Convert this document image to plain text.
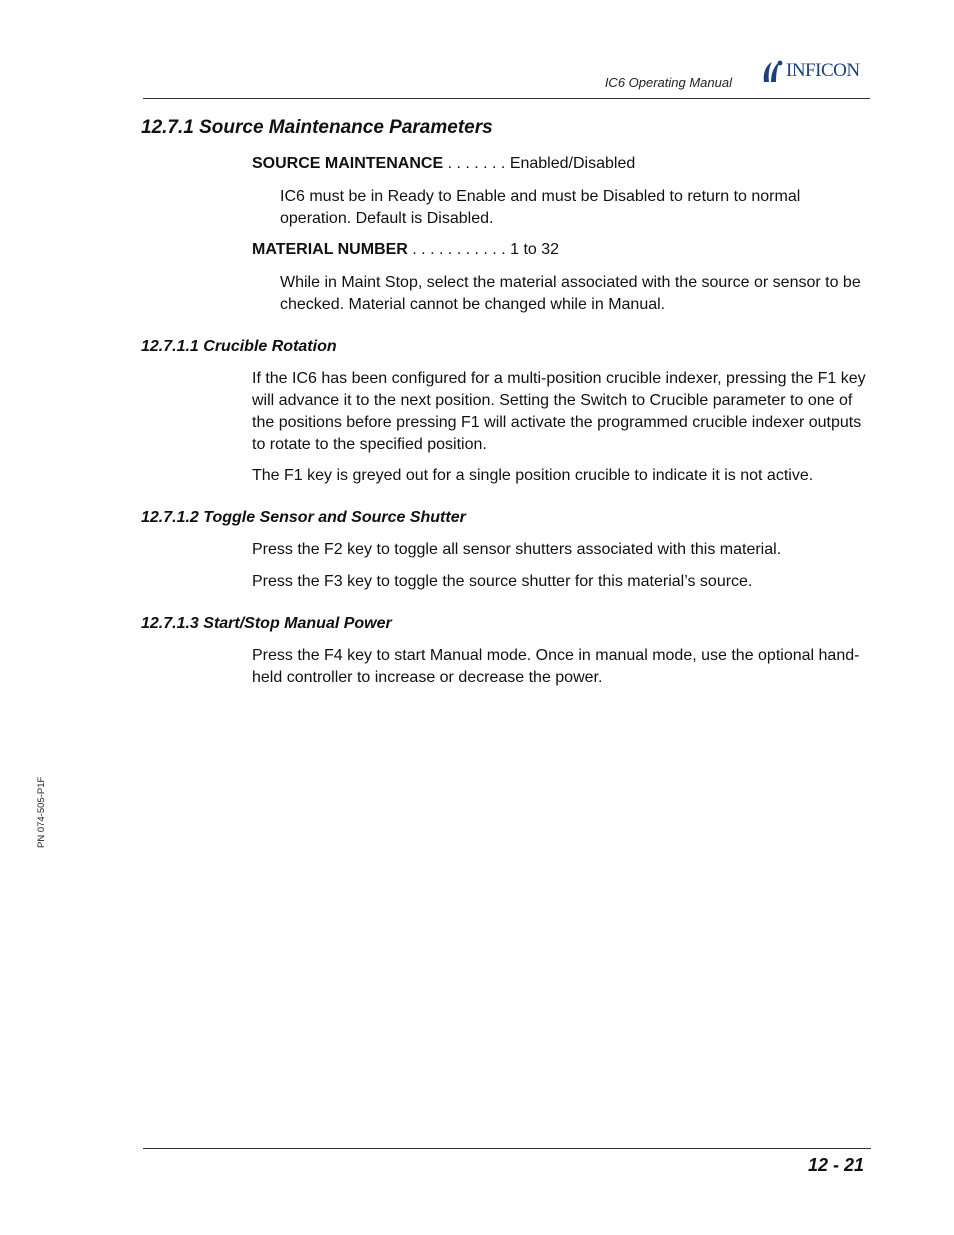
IC6 Operating Manual
INFICON
12.7.1 Source Maintenance Parameters
SOURCE MAINTENANCE . . . . . . . Enabled/Disabled
IC6 must be in Ready to Enable and must be Disabled to return to normal operation. Default is Disabled.
MATERIAL NUMBER . . . . . . . . . . . 1 to 32
While in Maint Stop, select the material associated with the source or sensor to be checked. Material cannot be changed while in Manual.
12.7.1.1 Crucible Rotation
If the IC6 has been configured for a multi-position crucible indexer, pressing the F1 key will advance it to the next position. Setting the Switch to Crucible parameter to one of the positions before pressing F1 will activate the programmed crucible indexer outputs to rotate to the specified position.
The F1 key is greyed out for a single position crucible to indicate it is not active.
12.7.1.2 Toggle Sensor and Source Shutter
Press the F2 key to toggle all sensor shutters associated with this material.
Press the F3 key to toggle the source shutter for this material’s source.
12.7.1.3 Start/Stop Manual Power
Press the F4 key to start Manual mode. Once in manual mode, use the optional hand-held controller to increase or decrease the power.
PN 074-505-P1F
12 - 21
